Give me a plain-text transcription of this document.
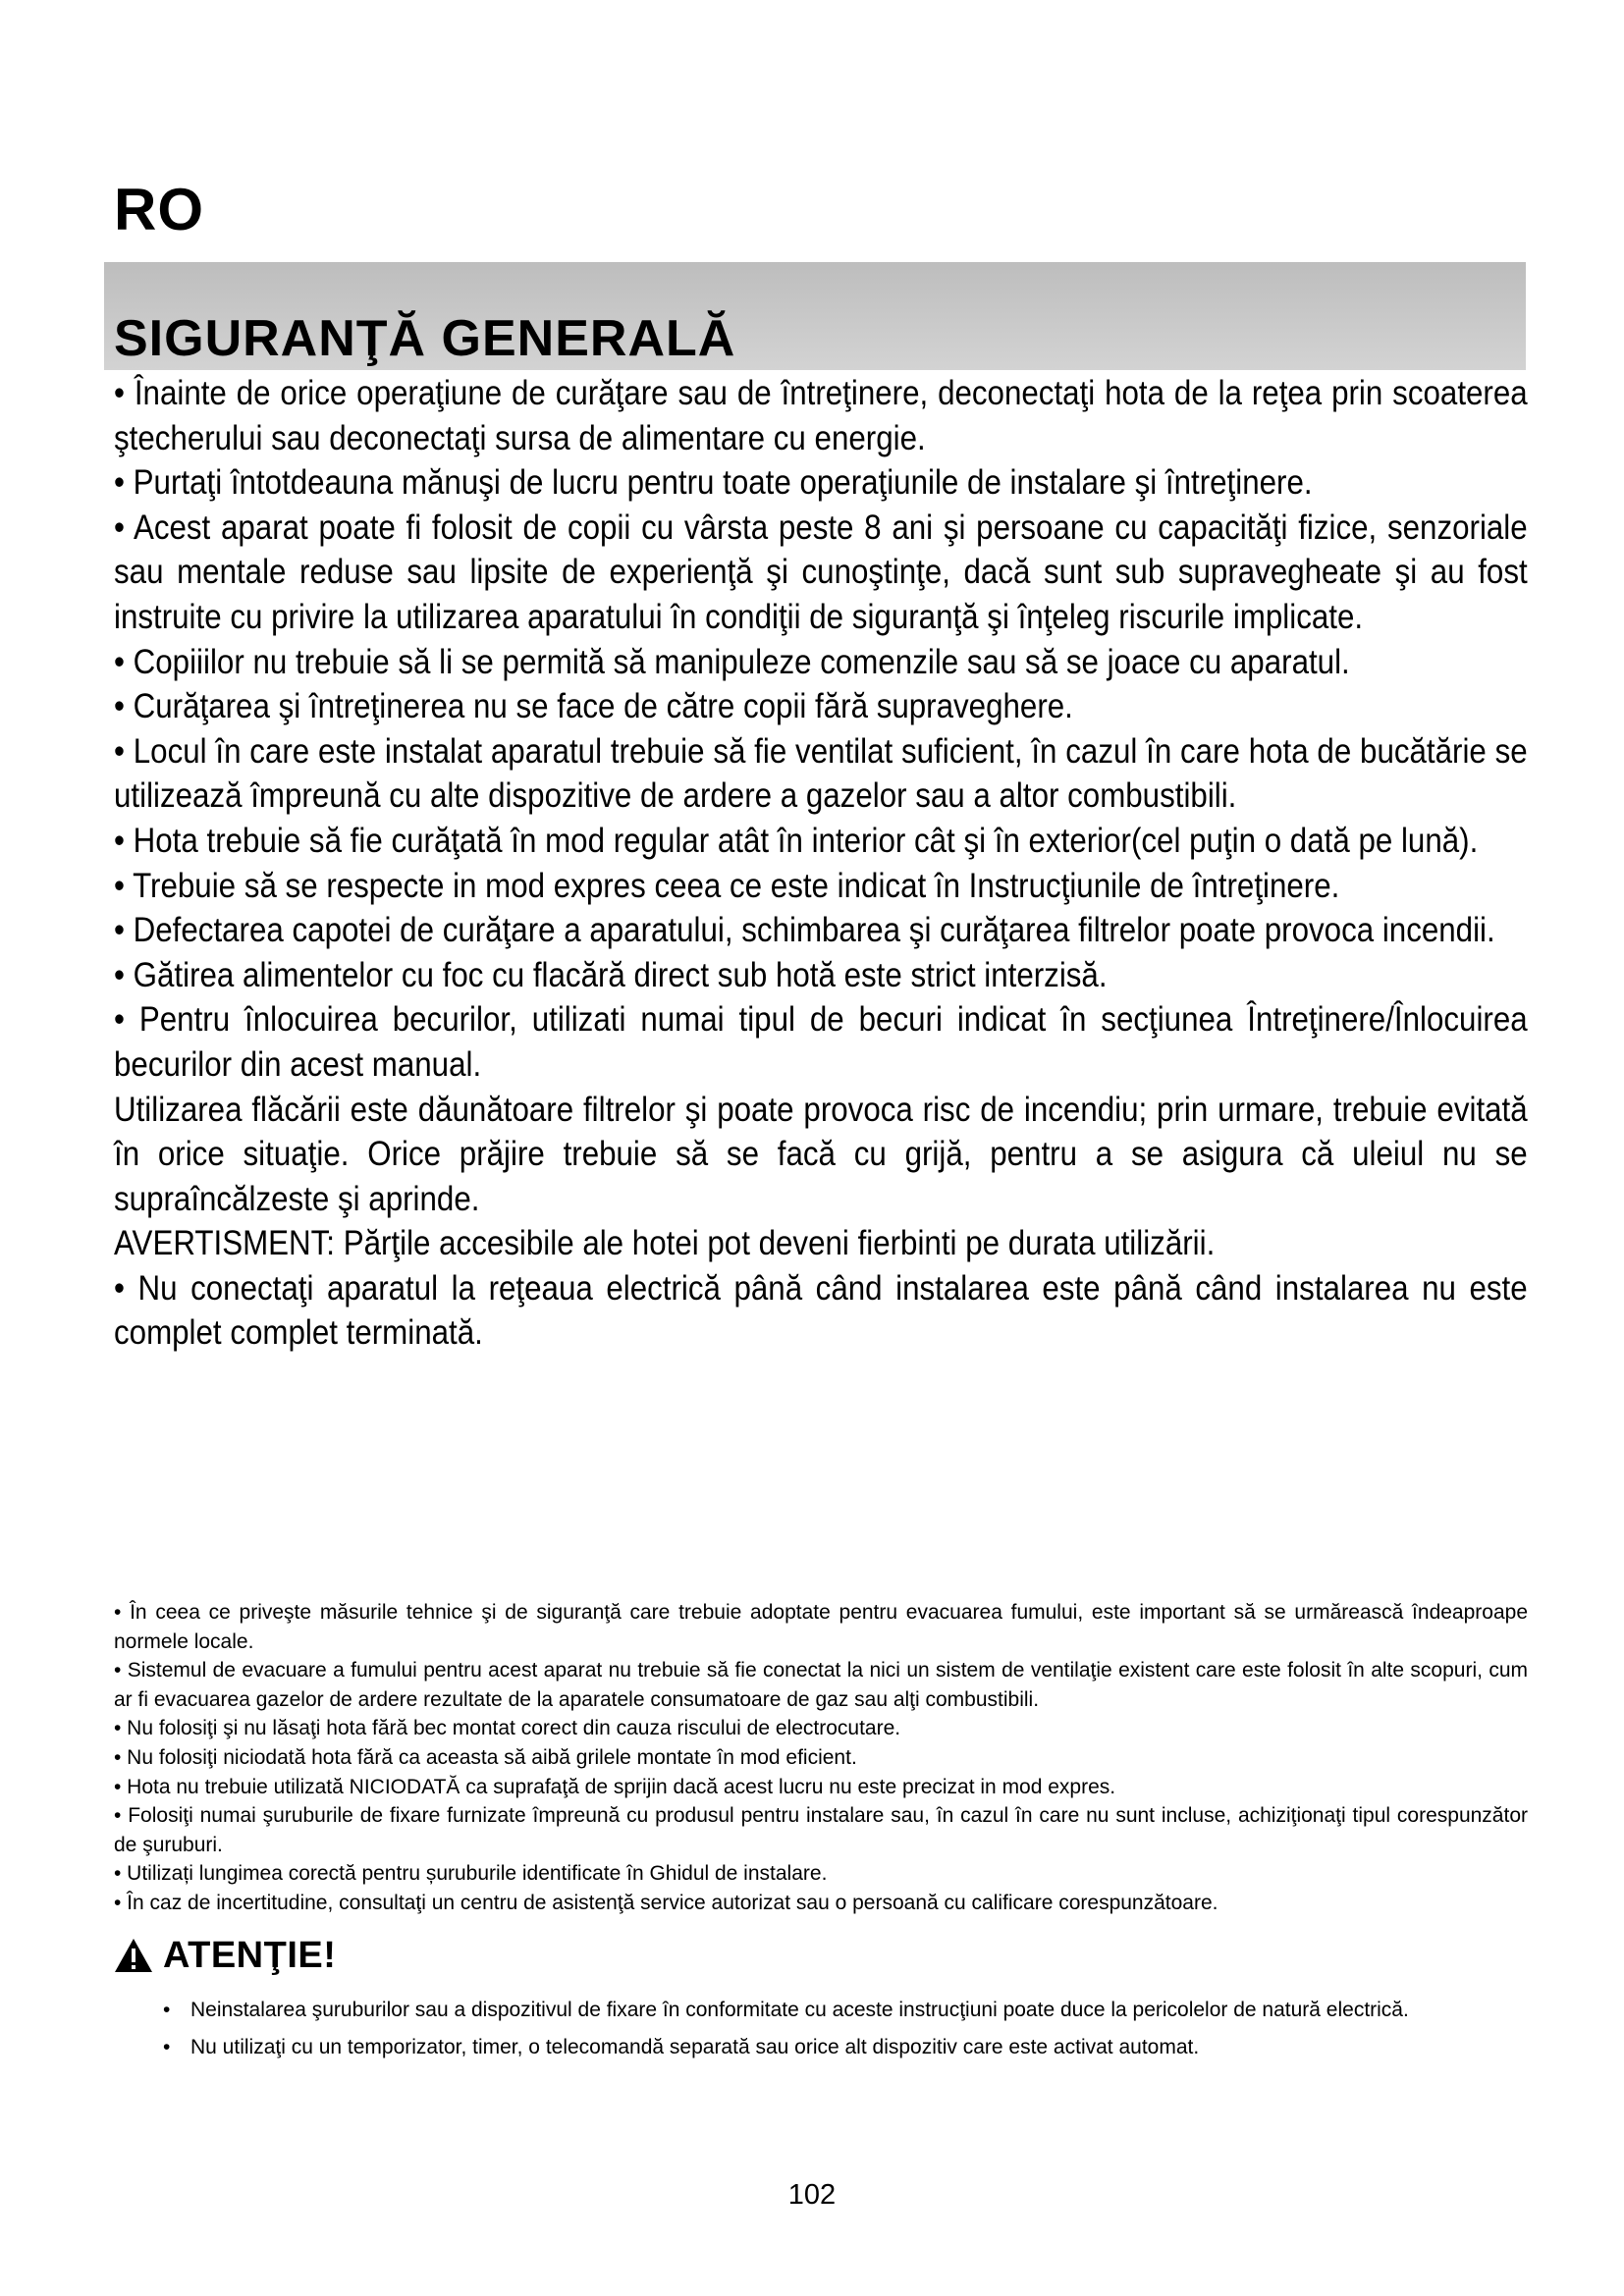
RO
SIGURANŢĂ GENERALĂ

• Înainte de orice operaţiune de curăţare sau de întreţinere, deconectaţi hota de la reţea prin scoaterea ştecherului sau deconectaţi sursa de alimentare cu energie.

• Purtaţi întotdeauna mănuşi de lucru pentru toate operaţiunile de instalare şi întreţinere.

• Acest aparat poate fi folosit de copii cu vârsta peste 8 ani şi persoane cu capacităţi fizice, senzoriale sau mentale reduse sau lipsite de experienţă şi cunoştinţe, dacă sunt sub supravegheate şi au fost instruite cu privire la utilizarea aparatului în condiţii de siguranţă şi înţeleg riscurile implicate.

• Copiiilor nu trebuie să li se permită să manipuleze comenzile sau să se joace cu aparatul.

• Curăţarea şi întreţinerea nu se face de către copii fără supraveghere.

• Locul în care este instalat aparatul trebuie să fie ventilat suficient, în cazul în care hota de bucătărie se utilizează împreună cu alte dispozitive de ardere a gazelor sau a altor combustibili.

• Hota trebuie să fie curăţată în mod regular atât în interior cât şi în exterior(cel puţin o dată pe lună).

• Trebuie să se respecte in mod expres ceea ce este indicat în Instrucţiunile de întreţinere.

• Defectarea capotei de curăţare a aparatului, schimbarea şi curăţarea filtrelor poate provoca incendii.

• Gătirea alimentelor cu foc cu flacără direct sub hotă este strict interzisă.

• Pentru înlocuirea becurilor, utilizati numai tipul de becuri indicat în secţiunea Întreţinere/Înlocuirea becurilor din acest manual.

Utilizarea flăcării este dăunătoare filtrelor şi poate provoca risc de incendiu; prin urmare, trebuie evitată în orice situaţie. Orice prăjire trebuie să se facă cu grijă, pentru a se asigura că uleiul nu se supraîncălzeste şi aprinde.

AVERTISMENT: Părţile accesibile ale hotei pot deveni fierbinti pe durata utilizării.

• Nu conectaţi aparatul la reţeaua electrică până când instalarea este până când instalarea nu este complet complet terminată.

• În ceea ce priveşte măsurile tehnice şi de siguranţă care trebuie adoptate pentru evacuarea fumului, este important să se urmărească îndeaproape normele locale.

• Sistemul de evacuare a fumului pentru acest aparat nu trebuie să fie conectat la nici un sistem de ventilaţie existent care este folosit în alte scopuri, cum ar fi evacuarea gazelor de ardere rezultate de la aparatele consumatoare de gaz sau alţi combustibili.

• Nu folosiţi şi nu lăsaţi hota fără bec montat corect din cauza riscului de electrocutare.

• Nu folosiţi niciodată hota fără ca aceasta să aibă grilele montate în mod eficient.

• Hota nu trebuie utilizată NICIODATĂ ca suprafaţă de sprijin dacă acest lucru nu este precizat in mod expres.

• Folosiţi numai şuruburile de fixare furnizate împreună cu produsul pentru instalare sau, în cazul în care nu sunt incluse, achiziţionaţi tipul corespunzător de şuruburi.

• Utilizați lungimea corectă pentru șuruburile identificate în Ghidul de instalare.

• În caz de incertitudine, consultaţi un centru de asistenţă service autorizat sau o persoană cu calificare corespunzătoare.

ATENŢIE!
• Neinstalarea şuruburilor sau a dispozitivul de fixare în conformitate cu aceste instrucţiuni poate duce la pericolelor de natură electrică.
• Nu utilizaţi cu un temporizator, timer, o telecomandă separată sau orice alt dispozitiv care este activat automat.
102
